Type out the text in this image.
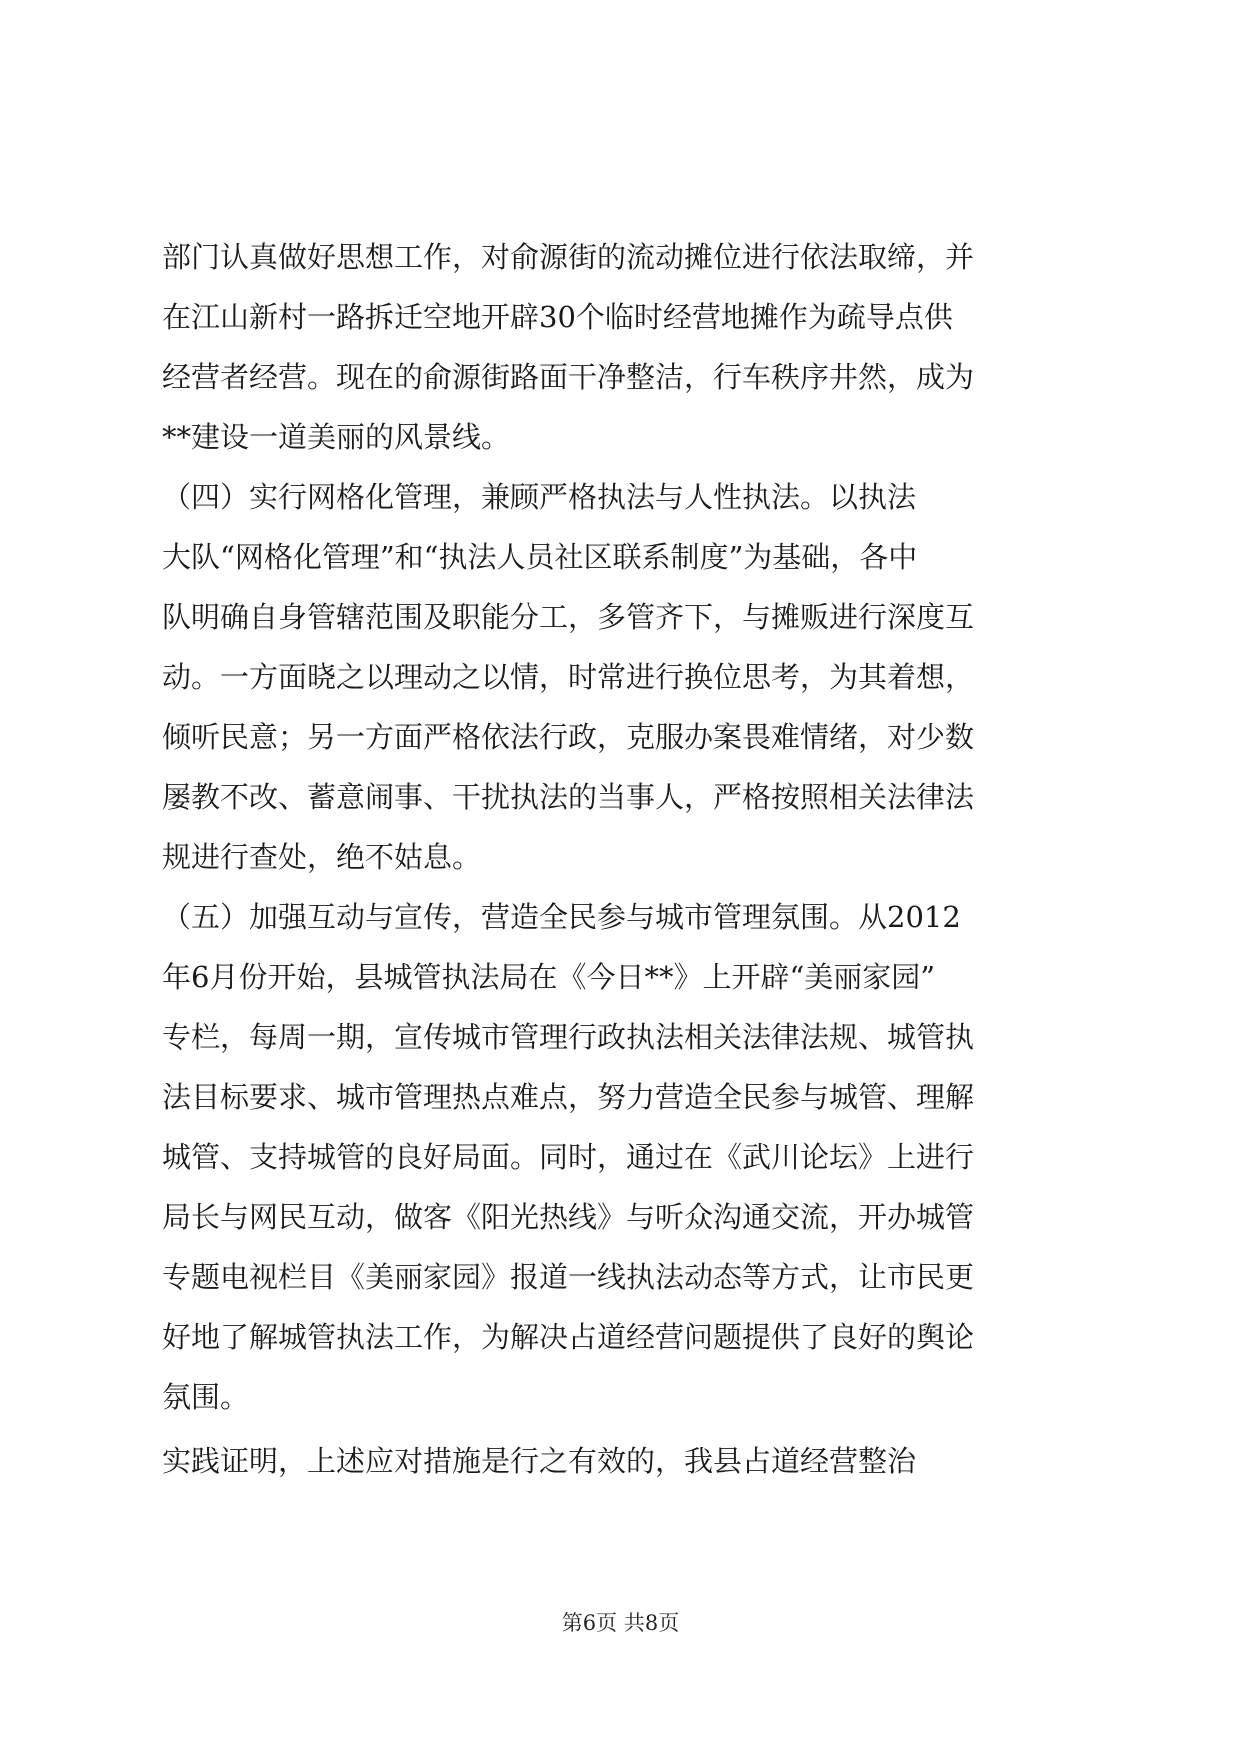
部门认真做好思想工作，对俞源街的流动摊位进行依法取缔，并
在江山新村一路拆迁空地开辟30个临时经营地摊作为疏导点供
经营者经营。现在的俞源街路面干净整洁，行车秩序井然，成为
**建设一道美丽的风景线。
（四）实行网格化管理，兼顾严格执法与人性执法。以执法
大队“网格化管理”和“执法人员社区联系制度”为基础，各中
队明确自身管辖范围及职能分工，多管齐下，与摊贩进行深度互
动。一方面晓之以理动之以情，时常进行换位思考，为其着想，
倾听民意；另一方面严格依法行政，克服办案畏难情绪，对少数
屡教不改、蓄意闹事、干扰执法的当事人，严格按照相关法律法
规进行查处，绝不姑息。
（五）加强互动与宣传，营造全民参与城市管理氛围。从2012
年6月份开始，县城管执法局在《今日**》上开辟“美丽家园”
专栏，每周一期，宣传城市管理行政执法相关法律法规、城管执
法目标要求、城市管理热点难点，努力营造全民参与城管、理解
城管、支持城管的良好局面。同时，通过在《武川论坛》上进行
局长与网民互动，做客《阳光热线》与听众沟通交流，开办城管
专题电视栏目《美丽家园》报道一线执法动态等方式，让市民更
好地了解城管执法工作，为解决占道经营问题提供了良好的舆论
氛围。
实践证明，上述应对措施是行之有效的，我县占道经营整治
第6页 共8页
